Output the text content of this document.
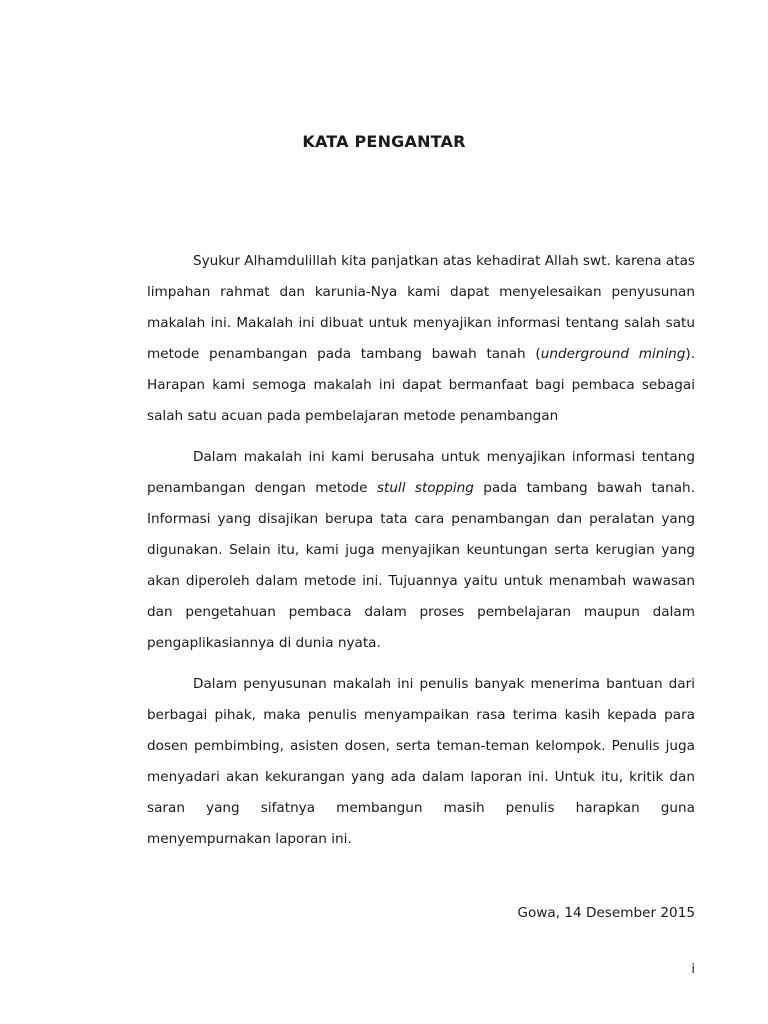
KATA PENGANTAR

Syukur Alhamdulillah kita panjatkan atas kehadirat Allah swt. karena atas limpahan rahmat dan karunia-Nya kami dapat menyelesaikan penyusunan makalah ini. Makalah ini dibuat untuk menyajikan informasi tentang salah satu metode penambangan pada tambang bawah tanah (underground mining). Harapan kami semoga makalah ini dapat bermanfaat bagi pembaca sebagai salah satu acuan pada pembelajaran metode penambangan

Dalam makalah ini kami berusaha untuk menyajikan informasi tentang penambangan dengan metode stull stopping pada tambang bawah tanah. Informasi yang disajikan berupa tata cara penambangan dan peralatan yang digunakan. Selain itu, kami juga menyajikan keuntungan serta kerugian yang akan diperoleh dalam metode ini. Tujuannya yaitu untuk menambah wawasan dan pengetahuan pembaca dalam proses pembelajaran maupun dalam pengaplikasiannya di dunia nyata.

Dalam penyusunan makalah ini penulis banyak menerima bantuan dari berbagai pihak, maka penulis menyampaikan rasa terima kasih kepada para dosen pembimbing, asisten dosen, serta teman-teman kelompok. Penulis juga menyadari akan kekurangan yang ada dalam laporan ini. Untuk itu, kritik dan saran yang sifatnya membangun masih penulis harapkan guna menyempurnakan laporan ini.

Gowa, 14 Desember 2015

i
